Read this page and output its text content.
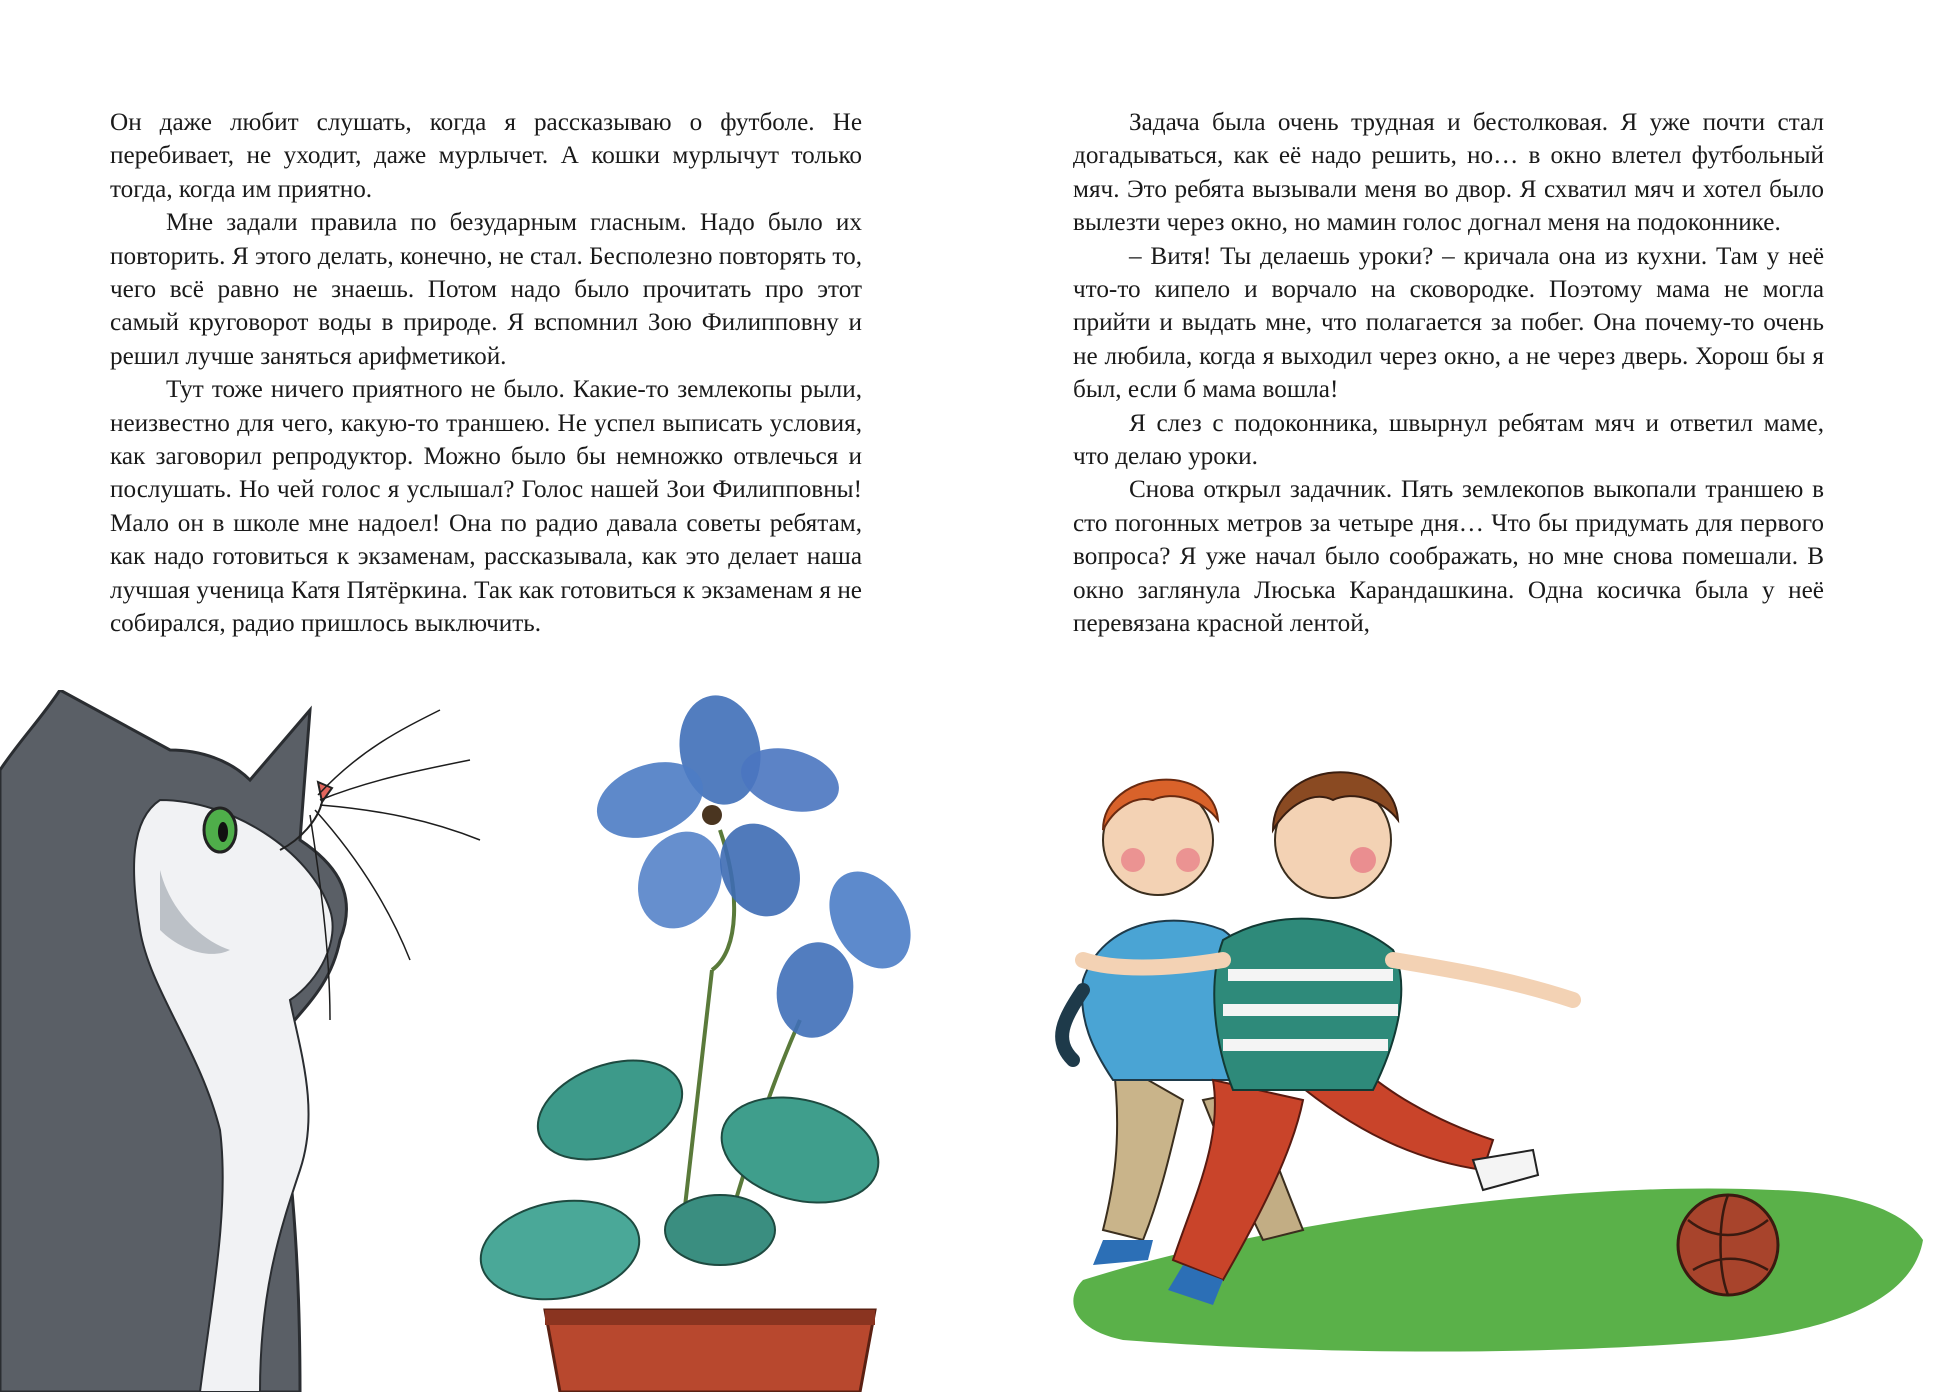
Он даже любит слушать, когда я рассказываю о футболе. Не перебивает, не уходит, даже мурлычет. А кошки мурлычут только тогда, когда им приятно.

Мне задали правила по безударным гласным. Надо было их повторить. Я этого делать, конечно, не стал. Бесполезно повторять то, чего всё равно не знаешь. Потом надо было прочитать про этот самый круговорот воды в природе. Я вспомнил Зою Филипповну и решил лучше заняться арифметикой.

Тут тоже ничего приятного не было. Какие-то землекопы рыли, неизвестно для чего, какую-то траншею. Не успел выписать условия, как заговорил репродуктор. Можно было бы немножко отвлечься и послушать. Но чей голос я услышал? Голос нашей Зои Филипповны! Мало он в школе мне надоел! Она по радио давала советы ребятам, как надо готовиться к экзаменам, рассказывала, как это делает наша лучшая ученица Катя Пятёркина. Так как готовиться к экзаменам я не собирался, радио пришлось выключить.

Задача была очень трудная и бестолковая. Я уже почти стал догадываться, как её надо решить, но… в окно влетел футбольный мяч. Это ребята вызывали меня во двор. Я схватил мяч и хотел было вылезти через окно, но мамин голос догнал меня на подоконнике.

– Витя! Ты делаешь уроки? – кричала она из кухни. Там у неё что-то кипело и ворчало на сковородке. Поэтому мама не могла прийти и выдать мне, что полагается за побег. Она почему-то очень не любила, когда я выходил через окно, а не через дверь. Хорош бы я был, если б мама вошла!

Я слез с подоконника, швырнул ребятам мяч и ответил маме, что делаю уроки.

Снова открыл задачник. Пять землекопов выкопали траншею в сто погонных метров за четыре дня… Что бы придумать для первого вопроса? Я уже начал было соображать, но мне снова помешали. В окно заглянула Люська Карандашкина. Одна косичка была у неё перевязана красной лентой,
